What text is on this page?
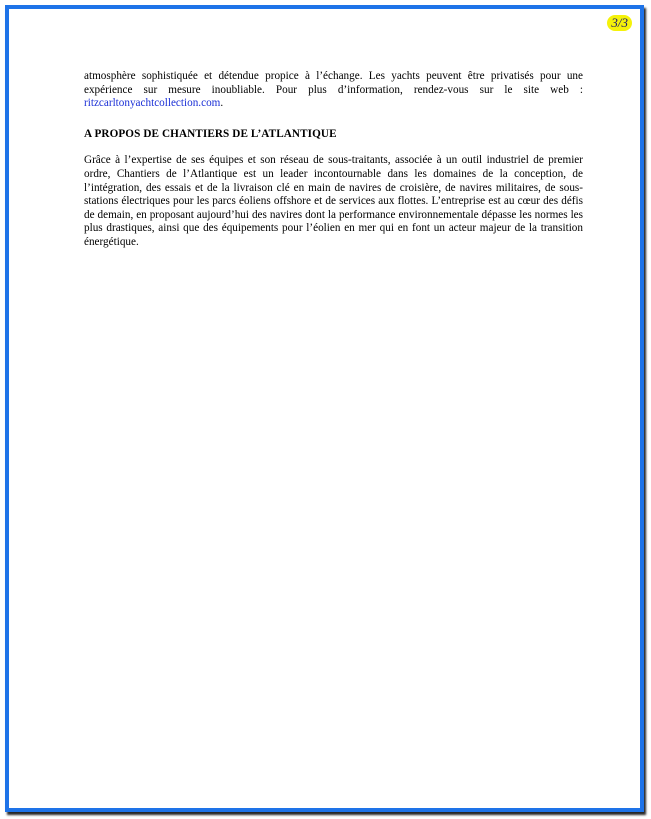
3/3

atmosphère sophistiquée et détendue propice à l’échange. Les yachts peuvent être privatisés pour une expérience sur mesure inoubliable. Pour plus d’information, rendez-vous sur le site web : ritzcarltonyachtcollection.com.

A PROPOS DE CHANTIERS DE L’ATLANTIQUE

Grâce à l’expertise de ses équipes et son réseau de sous-traitants, associée à un outil industriel de premier ordre, Chantiers de l’Atlantique est un leader incontournable dans les domaines de la conception, de l’intégration, des essais et de la livraison clé en main de navires de croisière, de navires militaires, de sous-stations électriques pour les parcs éoliens offshore et de services aux flottes. L’entreprise est au cœur des défis de demain, en proposant aujourd’hui des navires dont la performance environnementale dépasse les normes les plus drastiques, ainsi que des équipements pour l’éolien en mer qui en font un acteur majeur de la transition énergétique.
